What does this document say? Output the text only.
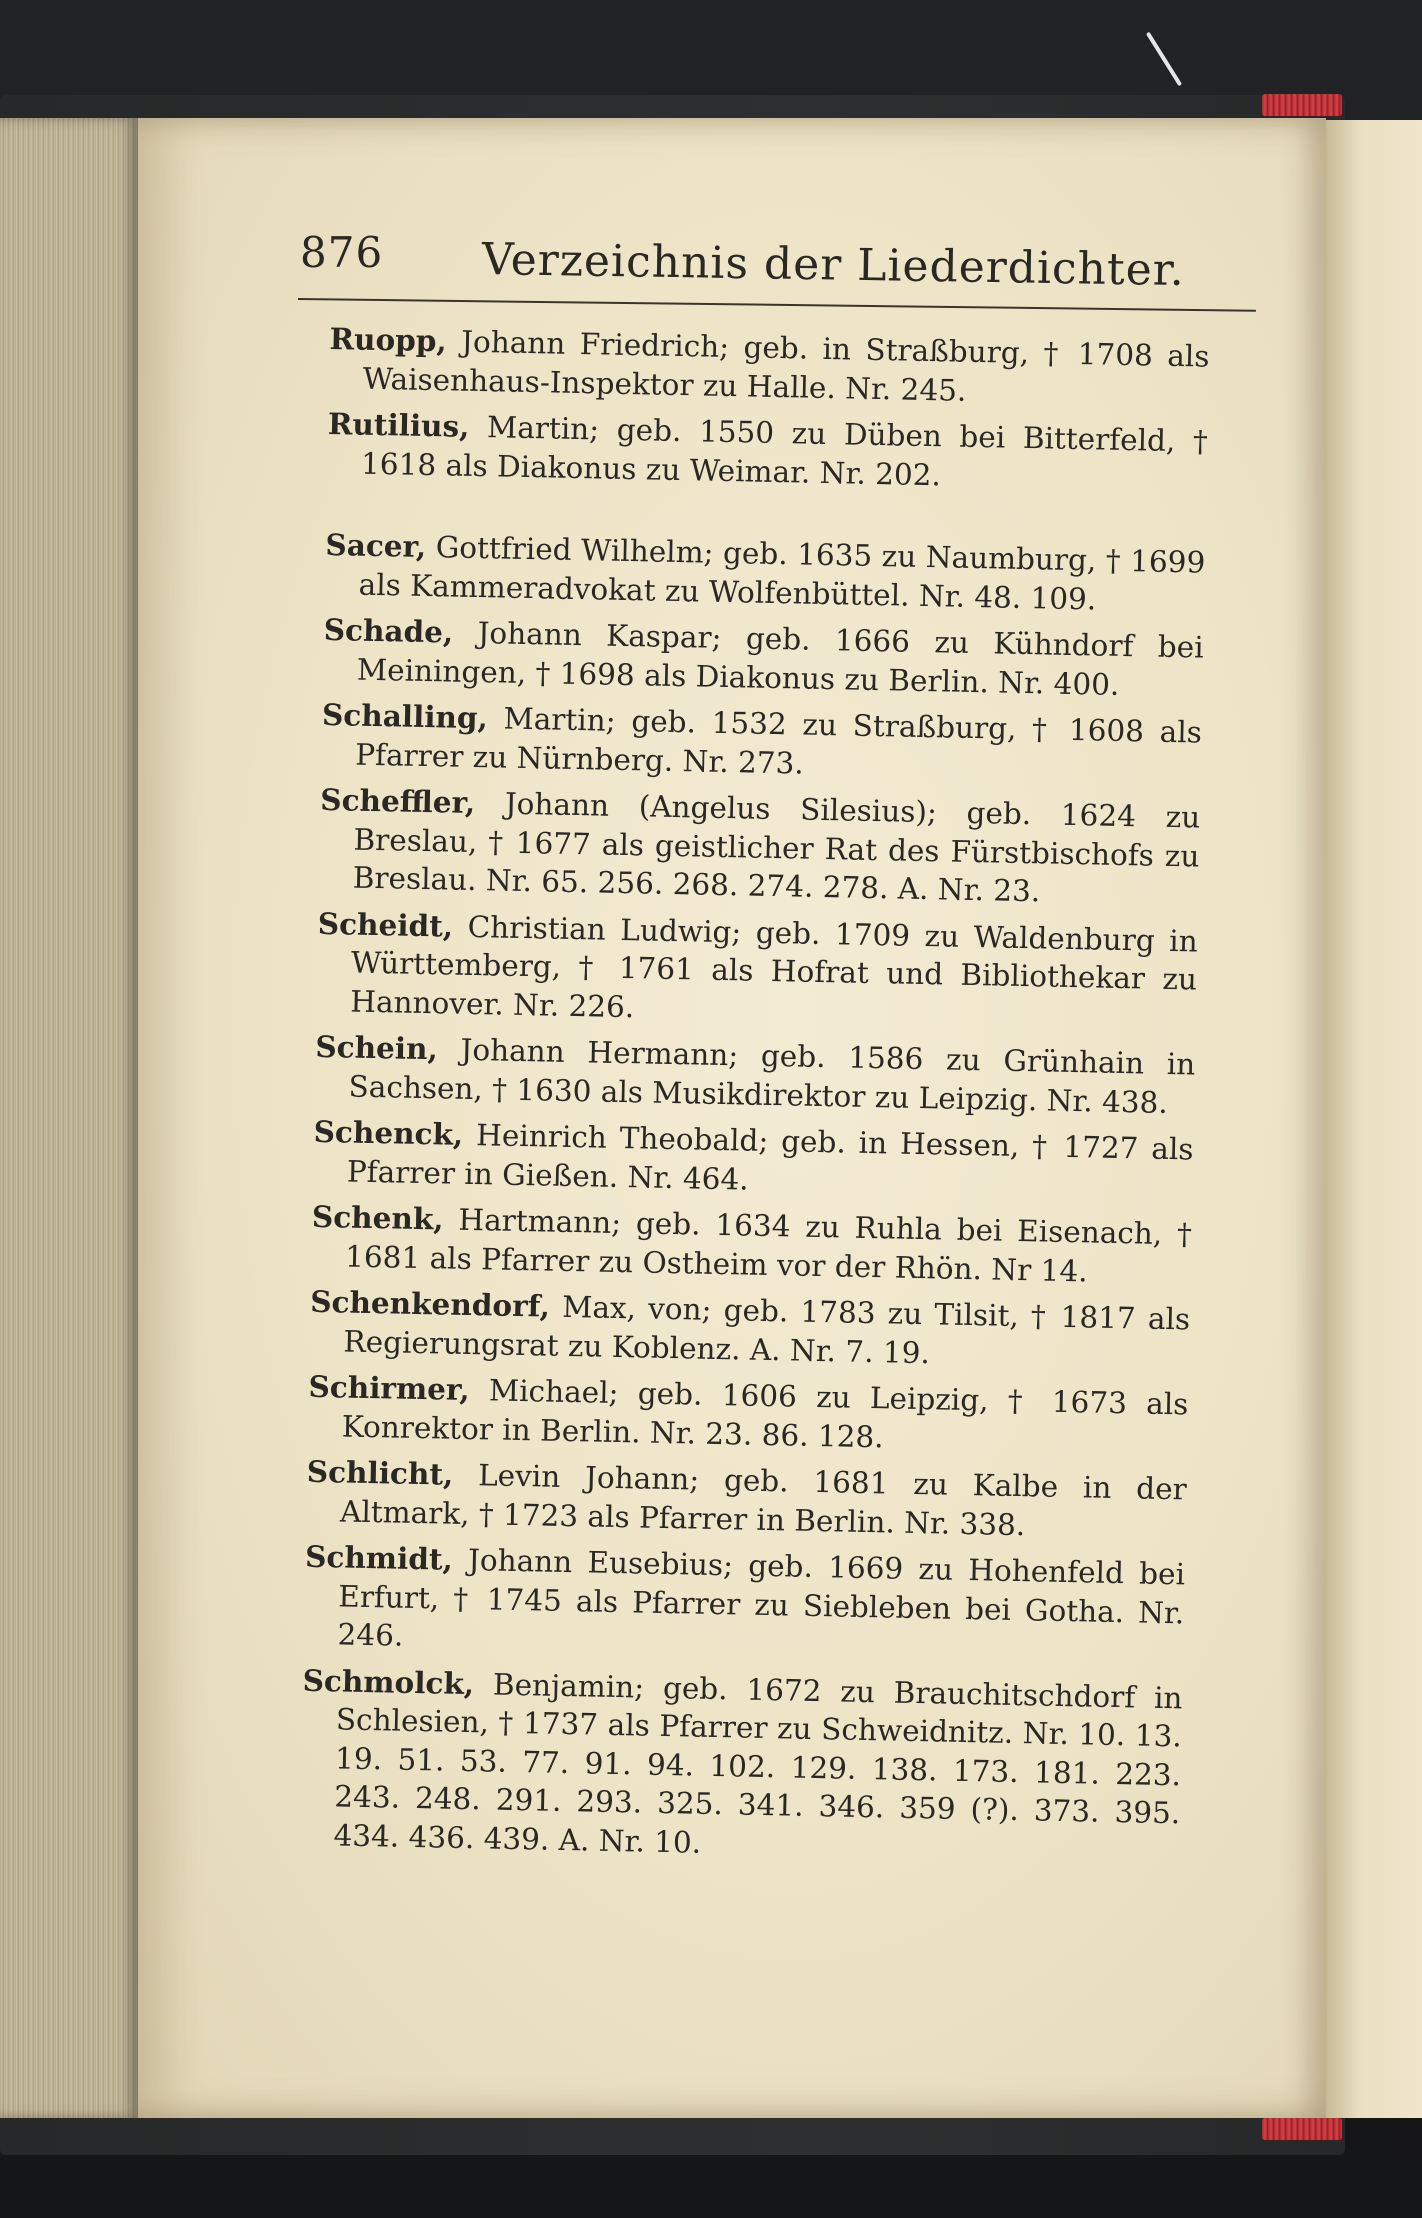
876 Verzeichnis der Liederdichter.
Ruopp, Johann Friedrich; geb. in Straßburg, † 1708 als Waisenhaus-Inspektor zu Halle. Nr. 245.
Rutilius, Martin; geb. 1550 zu Düben bei Bitterfeld, † 1618 als Diakonus zu Weimar. Nr. 202.
Sacer, Gottfried Wilhelm; geb. 1635 zu Naumburg, † 1699 als Kammeradvokat zu Wolfenbüttel. Nr. 48. 109.
Schade, Johann Kaspar; geb. 1666 zu Kühndorf bei Meiningen, † 1698 als Diakonus zu Berlin. Nr. 400.
Schalling, Martin; geb. 1532 zu Straßburg, † 1608 als Pfarrer zu Nürnberg. Nr. 273.
Scheffler, Johann (Angelus Silesius); geb. 1624 zu Breslau, † 1677 als geistlicher Rat des Fürstbischofs zu Breslau. Nr. 65. 256. 268. 274. 278. A. Nr. 23.
Scheidt, Christian Ludwig; geb. 1709 zu Waldenburg in Württemberg, † 1761 als Hofrat und Bibliothekar zu Hannover. Nr. 226.
Schein, Johann Hermann; geb. 1586 zu Grünhain in Sachsen, † 1630 als Musikdirektor zu Leipzig. Nr. 438.
Schenck, Heinrich Theobald; geb. in Hessen, † 1727 als Pfarrer in Gießen. Nr. 464.
Schenk, Hartmann; geb. 1634 zu Ruhla bei Eisenach, † 1681 als Pfarrer zu Ostheim vor der Rhön. Nr 14.
Schenkendorf, Max, von; geb. 1783 zu Tilsit, † 1817 als Regierungsrat zu Koblenz. A. Nr. 7. 19.
Schirmer, Michael; geb. 1606 zu Leipzig, † 1673 als Konrektor in Berlin. Nr. 23. 86. 128.
Schlicht, Levin Johann; geb. 1681 zu Kalbe in der Altmark, † 1723 als Pfarrer in Berlin. Nr. 338.
Schmidt, Johann Eusebius; geb. 1669 zu Hohenfeld bei Erfurt, † 1745 als Pfarrer zu Siebleben bei Gotha. Nr. 246.
Schmolck, Benjamin; geb. 1672 zu Brauchitschdorf in Schlesien, † 1737 als Pfarrer zu Schweidnitz. Nr. 10. 13. 19. 51. 53. 77. 91. 94. 102. 129. 138. 173. 181. 223. 243. 248. 291. 293. 325. 341. 346. 359 (?). 373. 395. 434. 436. 439. A. Nr. 10.
